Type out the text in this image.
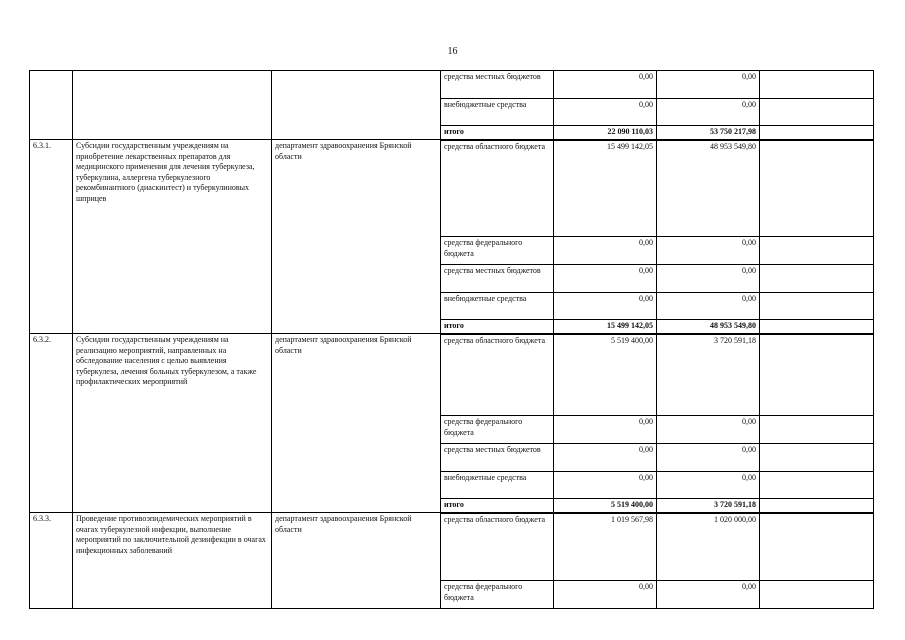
16
			средства местных бюджетов	0,00	0,00	
			внебюджетные средства	0,00	0,00	
			итого	22 090 110,03	53 750 217,98	
6.3.1.	Субсидии государственным учреждениям на приобретение лекарственных препаратов для медицинского применения для лечения туберкулеза, туберкулина, аллергена туберкулезного рекомбинантного (диаскинтест) и туберкулиновых шприцев	департамент здравоохранения Брянской области	средства областного бюджета	15 499 142,05	48 953 549,80	
			средства федерального бюджета	0,00	0,00	
			средства местных бюджетов	0,00	0,00	
			внебюджетные средства	0,00	0,00	
			итого	15 499 142,05	48 953 549,80	
6.3.2.	Субсидии государственным учреждениям на реализацию мероприятий, направленных на обследование населения с целью выявления туберкулеза, лечения больных туберкулезом, а также профилактических мероприятий	департамент здравоохранения Брянской области	средства областного бюджета	5 519 400,00	3 720 591,18	
			средства федерального бюджета	0,00	0,00	
			средства местных бюджетов	0,00	0,00	
			внебюджетные средства	0,00	0,00	
			итого	5 519 400,00	3 720 591,18	
6.3.3.	Проведение противоэпидемических мероприятий в очагах туберкулезной инфекции, выполнение мероприятий по заключительной дезинфекции в очагах инфекционных заболеваний	департамент здравоохранения Брянской области	средства областного бюджета	1 019 567,98	1 020 000,00	
			средства федерального бюджета	0,00	0,00	
